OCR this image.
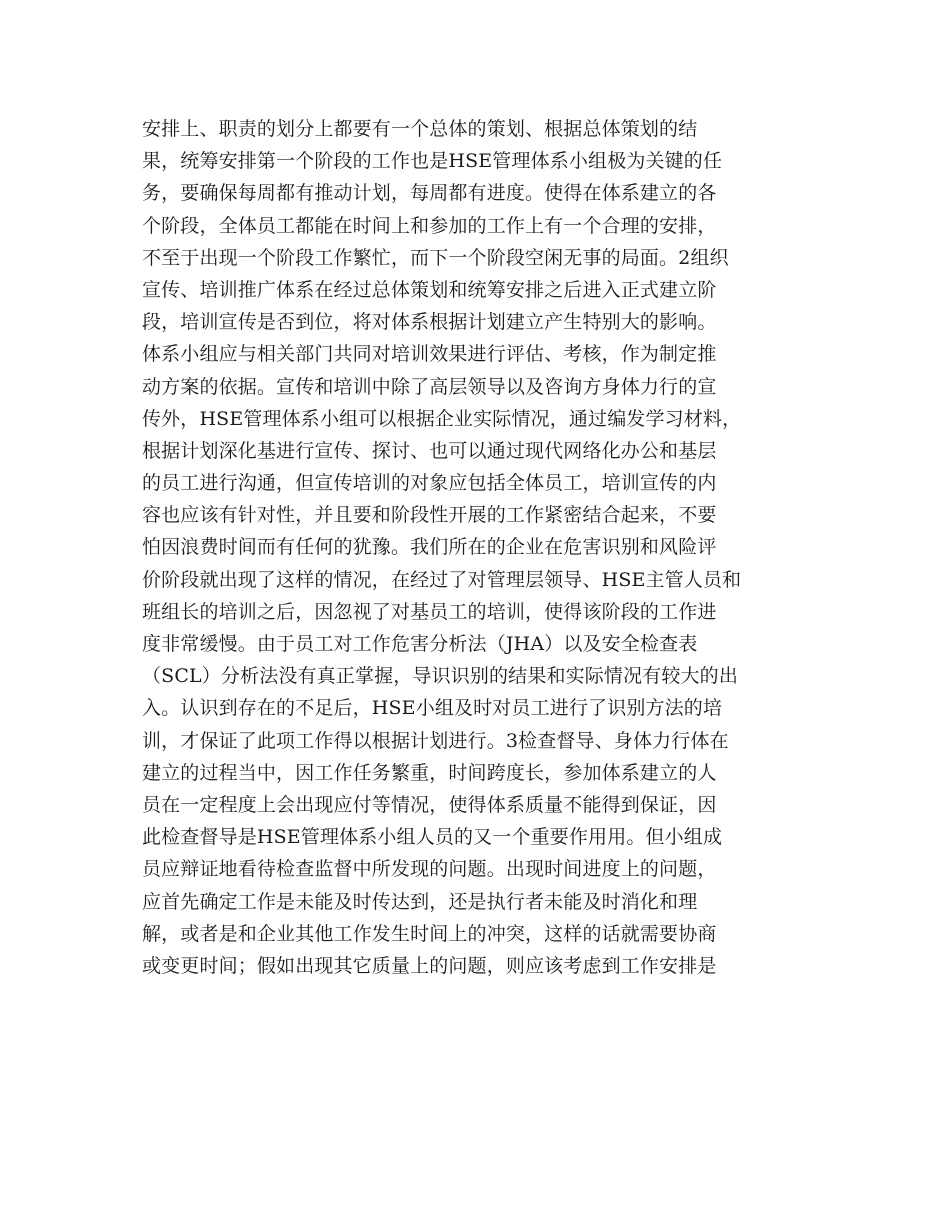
安排上、职责的划分上都要有一个总体的策划、根据总体策划的结
果，统筹安排第一个阶段的工作也是HSE管理体系小组极为关键的任
务，要确保每周都有推动计划，每周都有进度。使得在体系建立的各
个阶段，全体员工都能在时间上和参加的工作上有一个合理的安排，
不至于出现一个阶段工作繁忙，而下一个阶段空闲无事的局面。2组织
宣传、培训推广体系在经过总体策划和统筹安排之后进入正式建立阶
段，培训宣传是否到位，将对体系根据计划建立产生特别大的影响。
体系小组应与相关部门共同对培训效果进行评估、考核，作为制定推
动方案的依据。宣传和培训中除了高层领导以及咨询方身体力行的宣
传外，HSE管理体系小组可以根据企业实际情况，通过编发学习材料，
根据计划深化基进行宣传、探讨、也可以通过现代网络化办公和基层
的员工进行沟通，但宣传培训的对象应包括全体员工，培训宣传的内
容也应该有针对性，并且要和阶段性开展的工作紧密结合起来，不要
怕因浪费时间而有任何的犹豫。我们所在的企业在危害识别和风险评
价阶段就出现了这样的情况，在经过了对管理层领导、HSE主管人员和
班组长的培训之后，因忽视了对基员工的培训，使得该阶段的工作进
度非常缓慢。由于员工对工作危害分析法（JHA）以及安全检查表
（SCL）分析法没有真正掌握，导识识别的结果和实际情况有较大的出
入。认识到存在的不足后，HSE小组及时对员工进行了识别方法的培
训，才保证了此项工作得以根据计划进行。3检查督导、身体力行体在
建立的过程当中，因工作任务繁重，时间跨度长，参加体系建立的人
员在一定程度上会出现应付等情况，使得体系质量不能得到保证，因
此检查督导是HSE管理体系小组人员的又一个重要作用用。但小组成
员应辩证地看待检查监督中所发现的问题。出现时间进度上的问题，
应首先确定工作是未能及时传达到，还是执行者未能及时消化和理
解，或者是和企业其他工作发生时间上的冲突，这样的话就需要协商
或变更时间；假如出现其它质量上的问题，则应该考虑到工作安排是
